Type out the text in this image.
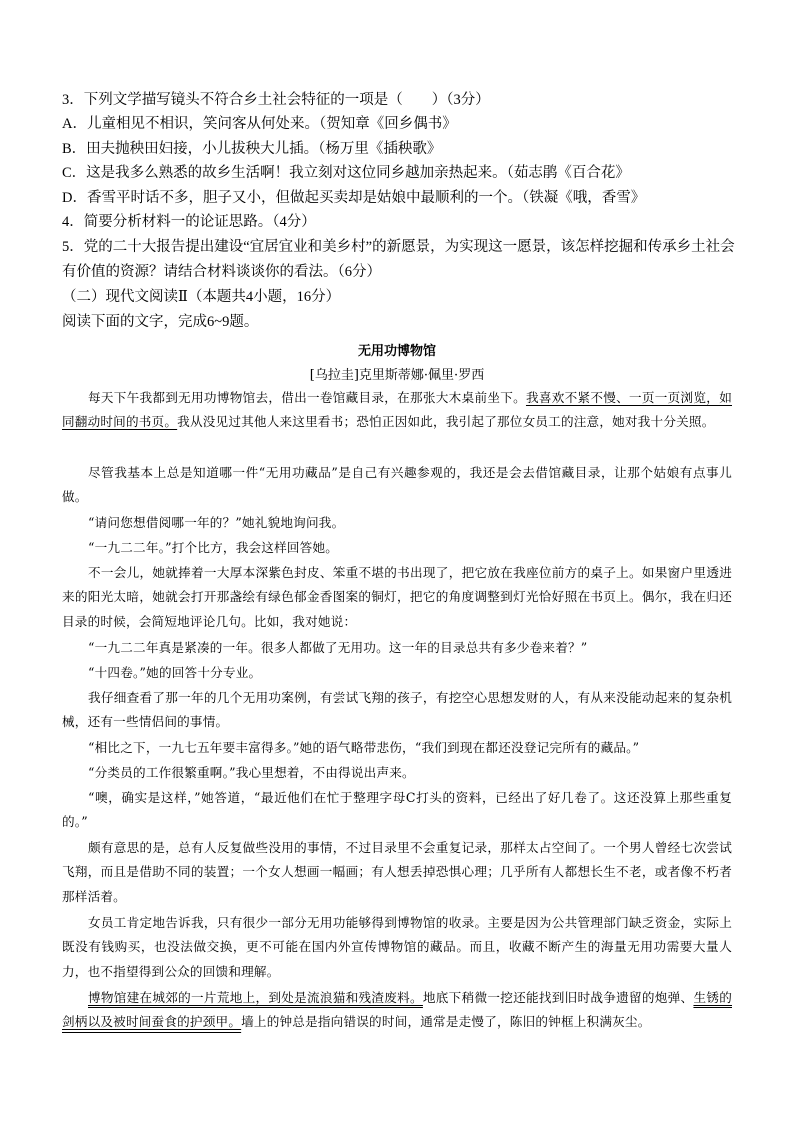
3．下列文学描写镜头不符合乡土社会特征的一项是（　　）（3分）
A．儿童相见不相识，笑问客从何处来。（贺知章《回乡偶书》
B．田夫抛秧田妇接，小儿拔秧大儿插。（杨万里《插秧歌》
C．这是我多么熟悉的故乡生活啊！我立刻对这位同乡越加亲热起来。（茹志鹃《百合花》
D．香雪平时话不多，胆子又小，但做起买卖却是姑娘中最顺利的一个。（铁凝《哦，香雪》
4．简要分析材料一的论证思路。（4分）
5．党的二十大报告提出建设“宜居宜业和美乡村”的新愿景，为实现这一愿景，该怎样挖掘和传承乡土社会
有价值的资源？请结合材料谈谈你的看法。（6分）
（二）现代文阅读Ⅱ（本题共4小题，16分）
阅读下面的文字，完成6~9题。
无用功博物馆
[乌拉圭]克里斯蒂娜·佩里·罗西
每天下午我都到无用功博物馆去，借出一卷馆藏目录，在那张大木桌前坐下。我喜欢不紧不慢、一页一页浏览，如同翻动时间的书页。我从没见过其他人来这里看书；恐怕正因如此，我引起了那位女员工的注意，她对我十分关照。
尽管我基本上总是知道哪一件“无用功藏品”是自己有兴趣参观的，我还是会去借馆藏目录，让那个姑娘有点事儿做。
“请问您想借阅哪一年的？”她礼貌地询问我。
“一九二二年。”打个比方，我会这样回答她。
不一会儿，她就捧着一大厚本深紫色封皮、笨重不堪的书出现了，把它放在我座位前方的桌子上。如果窗户里透进来的阳光太暗，她就会打开那盏绘有绿色郁金香图案的铜灯，把它的角度调整到灯光恰好照在书页上。偶尔，我在归还目录的时候，会简短地评论几句。比如，我对她说：
“一九二二年真是紧凑的一年。很多人都做了无用功。这一年的目录总共有多少卷来着？”
“十四卷。”她的回答十分专业。
我仔细查看了那一年的几个无用功案例，有尝试飞翔的孩子，有挖空心思想发财的人，有从来没能动起来的复杂机械，还有一些情侣间的事情。
“相比之下，一九七五年要丰富得多。”她的语气略带悲伤，“我们到现在都还没登记完所有的藏品。”
“分类员的工作很繁重啊。”我心里想着，不由得说出声来。
“噢，确实是这样，”她答道，“最近他们在忙于整理字母C打头的资料，已经出了好几卷了。这还没算上那些重复的。”
颇有意思的是，总有人反复做些没用的事情，不过目录里不会重复记录，那样太占空间了。一个男人曾经七次尝试飞翔，而且是借助不同的装置；一个女人想画一幅画；有人想丢掉恐惧心理；几乎所有人都想长生不老，或者像不朽者那样活着。
女员工肯定地告诉我，只有很少一部分无用功能够得到博物馆的收录。主要是因为公共管理部门缺乏资金，实际上既没有钱购买，也没法做交换，更不可能在国内外宣传博物馆的藏品。而且，收藏不断产生的海量无用功需要大量人力，也不指望得到公众的回馈和理解。
博物馆建在城郊的一片荒地上，到处是流浪猫和残渣废料。地底下稍微一挖还能找到旧时战争遗留的炮弹、生锈的剑柄以及被时间蚕食的护颈甲。墙上的钟总是指向错误的时间，通常是走慢了，陈旧的钟框上积满灰尘。
